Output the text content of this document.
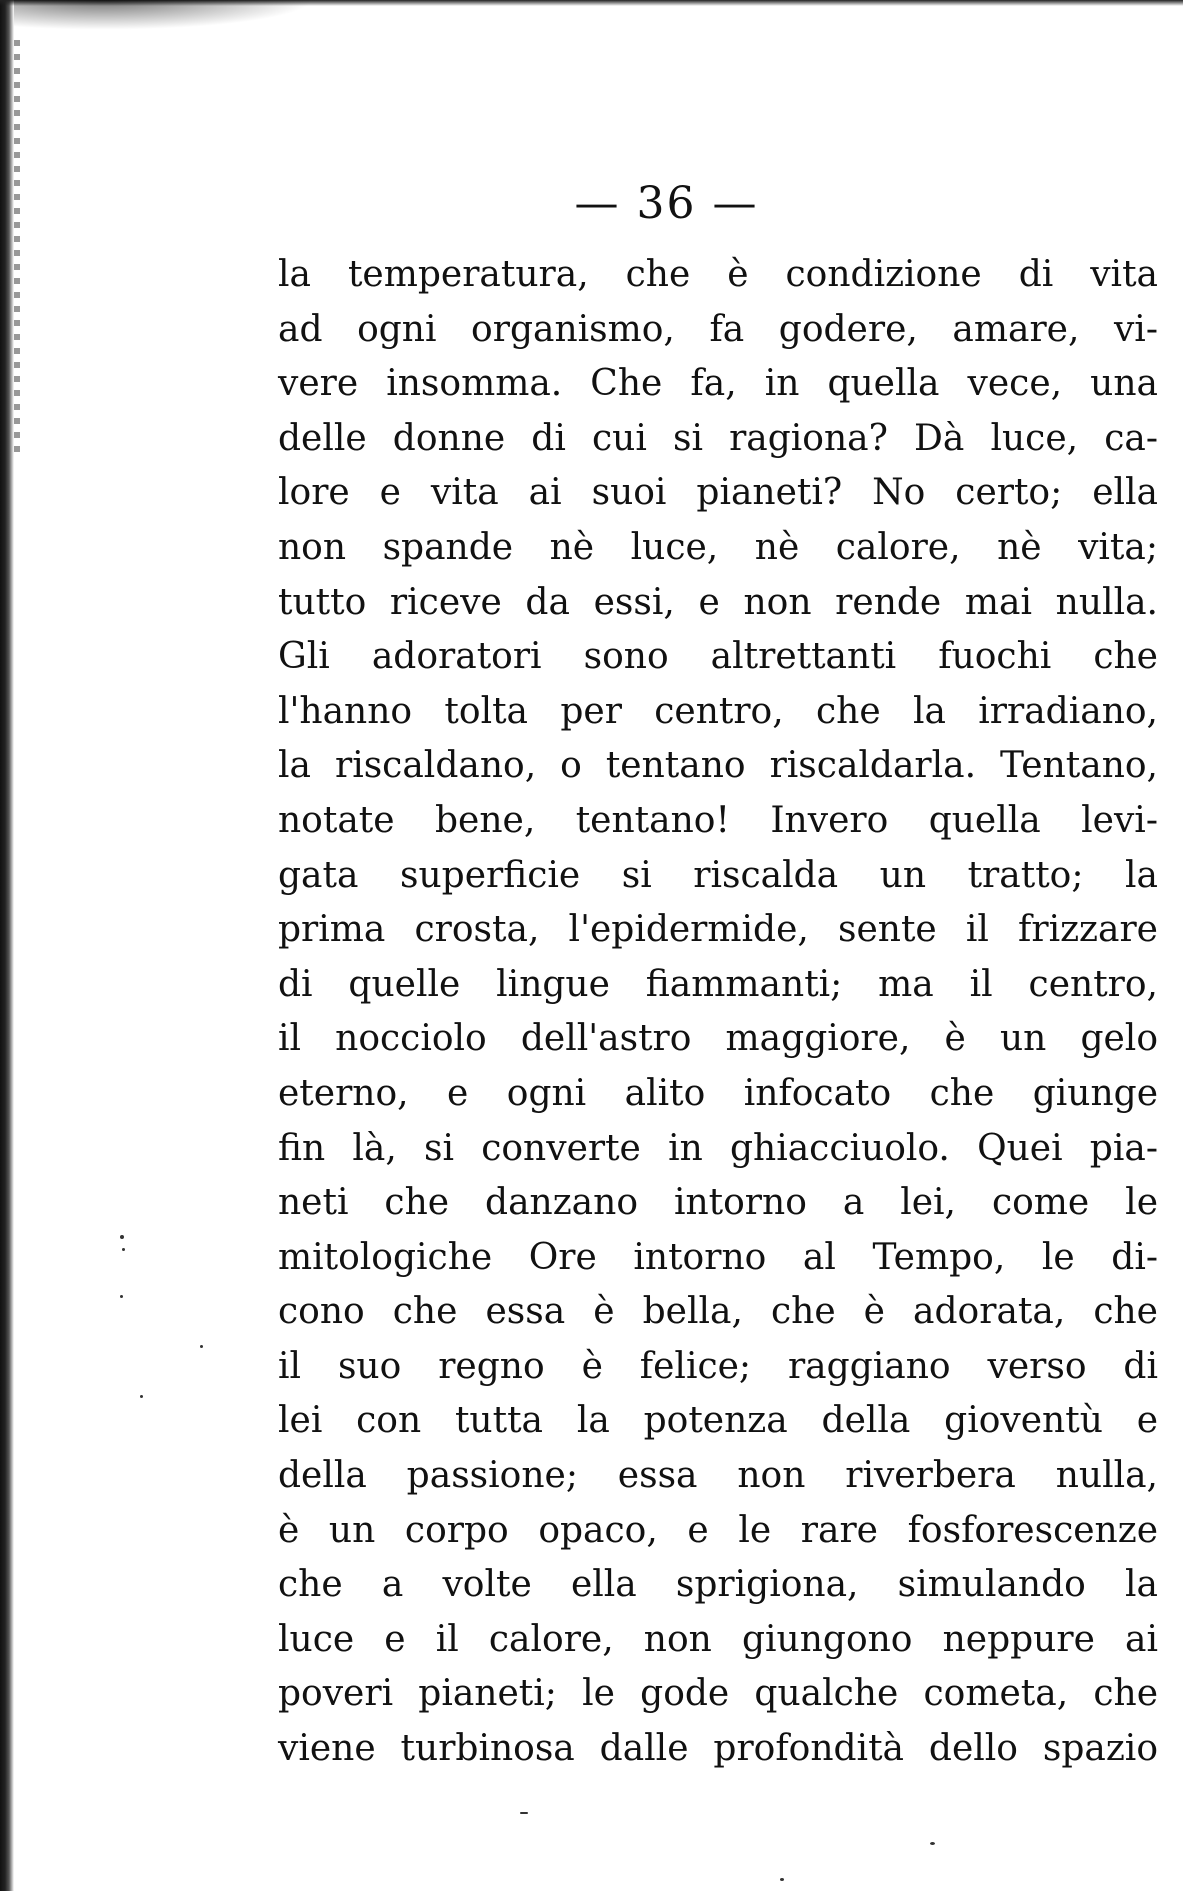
— 36 —
la temperatura, che è condizione di vita
ad ogni organismo, fa godere, amare, vi-
vere insomma. Che fa, in quella vece, una
delle donne di cui si ragiona? Dà luce, ca-
lore e vita ai suoi pianeti? No certo; ella
non spande nè luce, nè calore, nè vita;
tutto riceve da essi, e non rende mai nulla.
Gli adoratori sono altrettanti fuochi che
l'hanno tolta per centro, che la irradiano,
la riscaldano, o tentano riscaldarla. Tentano,
notate bene, tentano! Invero quella levi-
gata superficie si riscalda un tratto; la
prima crosta, l'epidermide, sente il frizzare
di quelle lingue fiammanti; ma il centro,
il nocciolo dell'astro maggiore, è un gelo
eterno, e ogni alito infocato che giunge
fin là, si converte in ghiacciuolo. Quei pia-
neti che danzano intorno a lei, come le
mitologiche Ore intorno al Tempo, le di-
cono che essa è bella, che è adorata, che
il suo regno è felice; raggiano verso di
lei con tutta la potenza della gioventù e
della passione; essa non riverbera nulla,
è un corpo opaco, e le rare fosforescenze
che a volte ella sprigiona, simulando la
luce e il calore, non giungono neppure ai
poveri pianeti; le gode qualche cometa, che
viene turbinosa dalle profondità dello spazio
